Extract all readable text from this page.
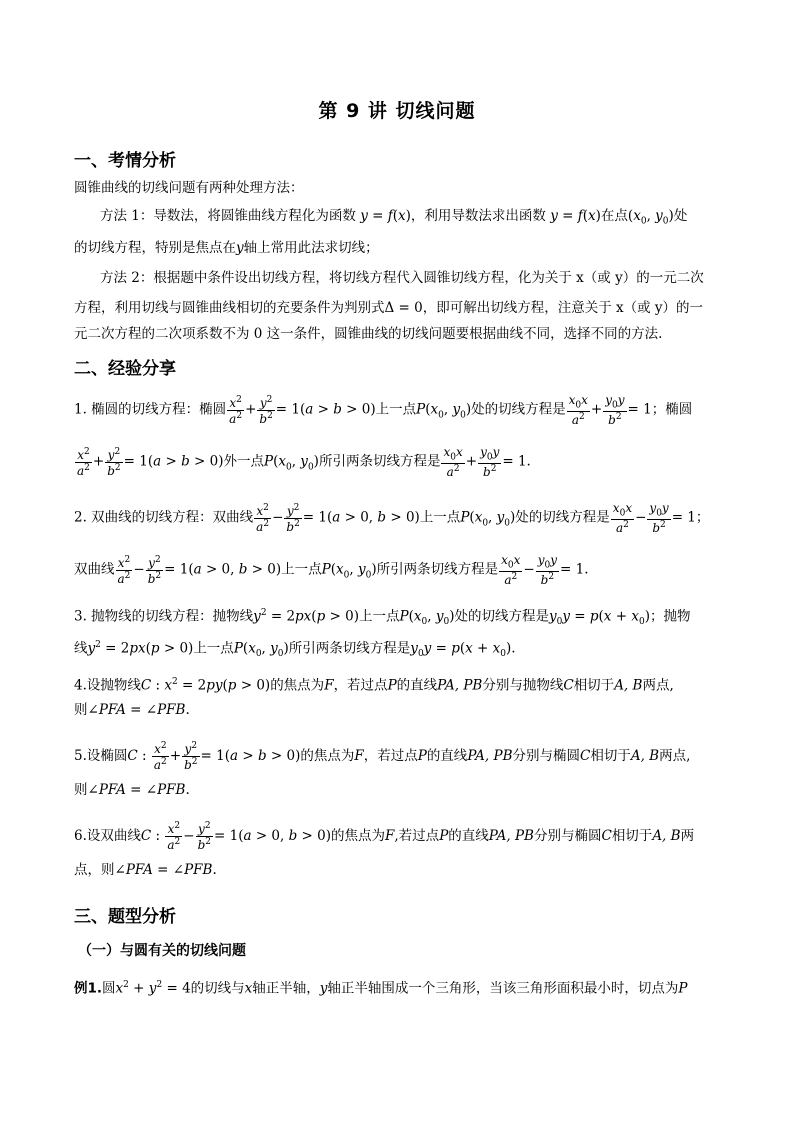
第 9 讲 切线问题
一、考情分析
圆锥曲线的切线问题有两种处理方法：
方法 1：导数法，将圆锥曲线方程化为函数 y = f(x)，利用导数法求出函数 y = f(x)在点($x_0$, $y_0$)处
的切线方程，特别是焦点在y轴上常用此法求切线；
方法 2：根据题中条件设出切线方程，将切线方程代入圆锥切线方程，化为关于 x（或 y）的一元二次
方程，利用切线与圆锥曲线相切的充要条件为判别式Δ = 0，即可解出切线方程，注意关于 x（或 y）的一
元二次方程的二次项系数不为 0 这一条件，圆锥曲线的切线问题要根据曲线不同，选择不同的方法.
二、经验分享
1. 椭圆的切线方程：椭圆 $\frac{x^2}{a^2} + \frac{y^2}{b^2} = 1(a > b > 0)$上一点$P(x_0$, $y_0$)处的切线方程是 $\frac{x_0x}{a^2} + \frac{y_0y}{b^2} = 1$；椭圆
$\frac{x^2}{a^2} + \frac{y^2}{b^2} = 1(a > b > 0)$外一点$P(x_0$, $y_0$)所引两条切线方程是 $\frac{x_0x}{a^2} + \frac{y_0y}{b^2} = 1$.
2. 双曲线的切线方程：双曲线 $\frac{x^2}{a^2} - \frac{y^2}{b^2} = 1(a > 0$, b > 0)上一点$P(x_0$, $y_0$)处的切线方程是 $\frac{x_0x}{a^2} - \frac{y_0y}{b^2} = 1$；
双曲线 $\frac{x^2}{a^2} - \frac{y^2}{b^2} = 1(a > 0$, b > 0)上一点$P(x_0$, $y_0$)所引两条切线方程是 $\frac{x_0x}{a^2} - \frac{y_0y}{b^2} = 1$.
3. 抛物线的切线方程：抛物线$y^2 = 2px(p > 0)$上一点$P(x_0$, $y_0$)处的切线方程是$y_0y = p(x + x_0)$；抛物
线$y^2 = 2px(p > 0)$上一点$P(x_0$, $y_0$)所引两条切线方程是$y_0y = p(x + x_0)$.
4.设抛物线C : $x^2 = 2py(p > 0)$的焦点为F，若过点P的直线PA, PB分别与抛物线C相切于A, B两点,
则∠PFA = ∠PFB.
5.设椭圆C : $\frac{x^2}{a^2} + \frac{y^2}{b^2} = 1(a > b > 0)$的焦点为F，若过点P的直线PA, PB分别与椭圆C相切于A, B两点,
则∠PFA = ∠PFB.
6.设双曲线C : $\frac{x^2}{a^2} - \frac{y^2}{b^2} = 1(a > 0$, b > 0)的焦点为F,若过点P的直线PA, PB分别与椭圆C相切于A, B两
点，则∠PFA = ∠PFB.
三、题型分析
（一）与圆有关的切线问题
例1.圆$x^2 + y^2 = 4$的切线与x轴正半轴，y轴正半轴围成一个三角形，当该三角形面积最小时，切点为P
